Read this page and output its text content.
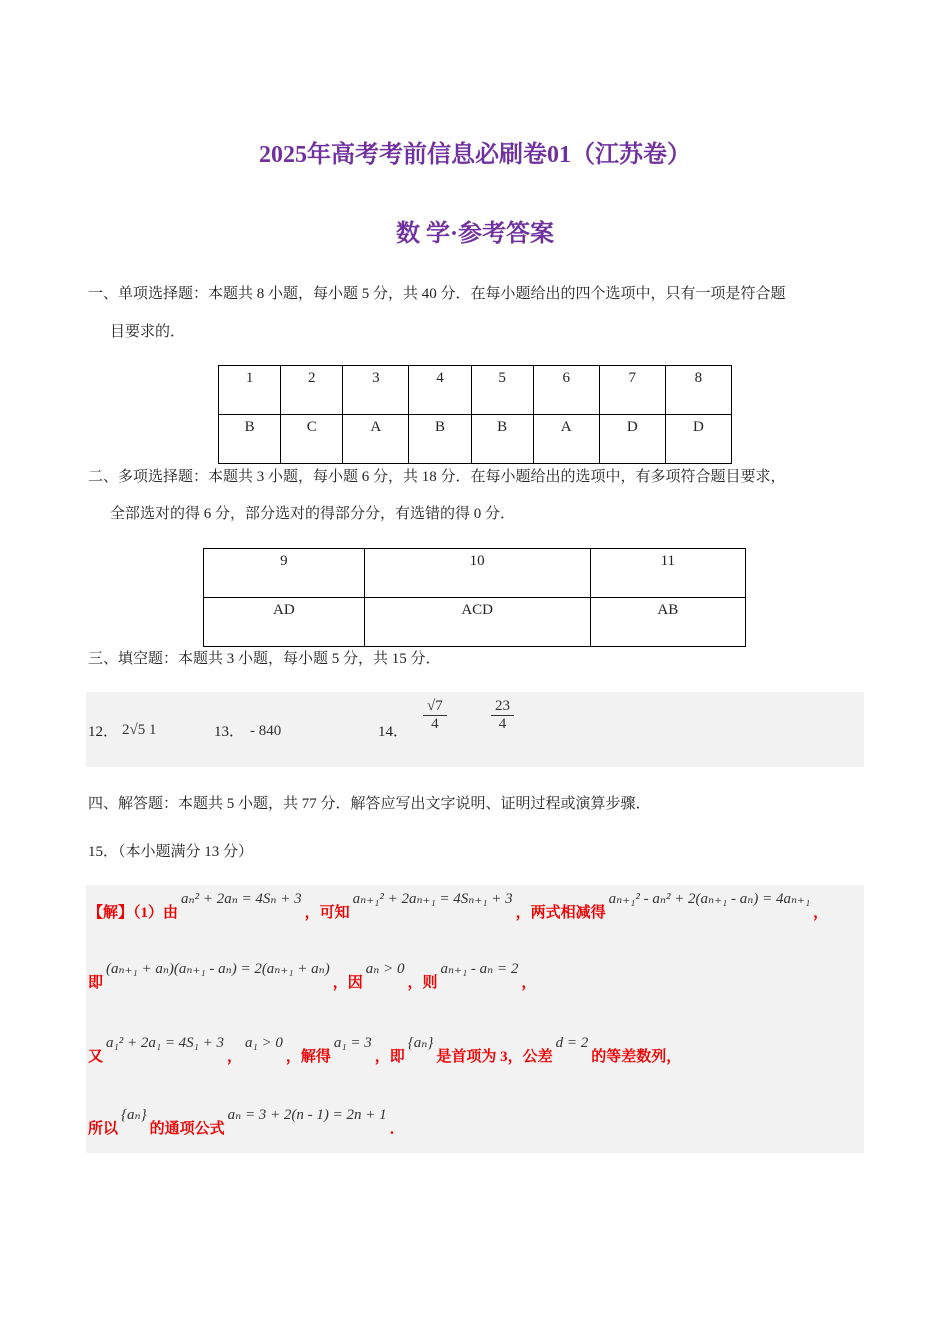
2025年高考考前信息必刷卷01（江苏卷）
数 学·参考答案
一、单项选择题：本题共 8 小题，每小题 5 分，共 40 分．在每小题给出的四个选项中，只有一项是符合题
目要求的．
1	2	3	4	5	6	7	8
B	C	A	B	B	A	D	D
二、多项选择题：本题共 3 小题，每小题 6 分，共 18 分．在每小题给出的选项中，有多项符合题目要求，
全部选对的得 6 分，部分选对的得部分分，有选错的得 0 分．
9	10	11
AD	ACD	AB
三、填空题：本题共 3 小题，每小题 5 分，共 15 分．
12． 2√5 1	13． - 840	14． $\frac{√7}{4}$	$\frac{23}{4}$
四、解答题：本题共 5 小题，共 77 分．解答应写出文字说明、证明过程或演算步骤．
15．（本小题满分 13 分）
【解】（1）由aₙ² + 2aₙ = 4Sₙ + 3，可知aₙ₊₁² + 2aₙ₊₁ = 4Sₙ₊₁ + 3，两式相减得aₙ₊₁² - aₙ² + 2(aₙ₊₁ - aₙ) = 4aₙ₊₁，
即(aₙ₊₁ + aₙ)(aₙ₊₁ - aₙ) = 2(aₙ₊₁ + aₙ)，因aₙ > 0，则aₙ₊₁ - aₙ = 2，
又a₁² + 2a₁ = 4S₁ + 3，a₁ > 0，解得a₁ = 3，即{aₙ}是首项为 3，公差d = 2的等差数列，
所以{aₙ}的通项公式aₙ = 3 + 2(n - 1) = 2n + 1．
